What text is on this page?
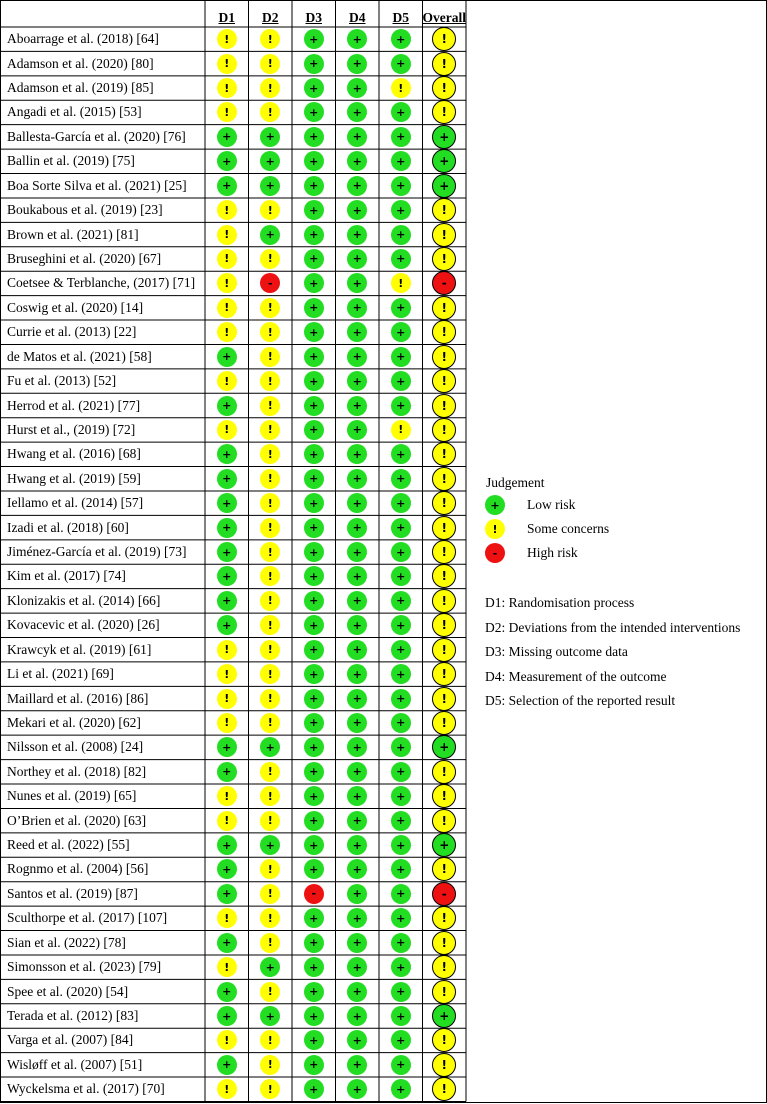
D1	D2	D3	D4	D5	Overall
Aboarrage et al. (2018) [64]	!	!	+	+	+	!
Adamson et al. (2020) [80]	!	!	+	+	+	!
Adamson et al. (2019) [85]	!	!	+	+	!	!
Angadi et al. (2015) [53]	!	!	+	+	+	!
Ballesta-García et al. (2020) [76]	+	+	+	+	+	+
Ballin et al. (2019) [75]	+	+	+	+	+	+
Boa Sorte Silva et al. (2021) [25]	+	+	+	+	+	+
Boukabous et al. (2019) [23]	!	!	+	+	+	!
Brown et al. (2021) [81]	!	+	+	+	+	!
Bruseghini et al. (2020) [67]	!	!	+	+	+	!
Coetsee & Terblanche, (2017) [71]	!	-	+	+	!	-
Coswig et al. (2020) [14]	!	!	+	+	+	!
Currie et al. (2013) [22]	!	!	+	+	+	!
de Matos et al. (2021) [58]	+	!	+	+	+	!
Fu et al. (2013) [52]	!	!	+	+	+	!
Herrod et al. (2021) [77]	+	!	+	+	+	!
Hurst et al., (2019) [72]	!	!	+	+	!	!
Hwang et al. (2016) [68]	+	!	+	+	+	!
Hwang et al. (2019) [59]	+	!	+	+	+	!
Iellamo et al. (2014) [57]	+	!	+	+	+	!
Izadi et al. (2018) [60]	+	!	+	+	+	!
Jiménez-García et al. (2019) [73]	+	!	+	+	+	!
Kim et al. (2017) [74]	+	!	+	+	+	!
Klonizakis et al. (2014) [66]	+	!	+	+	+	!
Kovacevic et al. (2020) [26]	+	!	+	+	+	!
Krawcyk et al. (2019) [61]	!	!	+	+	+	!
Li et al. (2021) [69]	!	!	+	+	+	!
Maillard et al. (2016) [86]	!	!	+	+	+	!
Mekari et al. (2020) [62]	!	!	+	+	+	!
Nilsson et al. (2008) [24]	+	+	+	+	+	+
Northey et al. (2018) [82]	+	!	+	+	+	!
Nunes et al. (2019) [65]	!	!	+	+	+	!
O’Brien et al. (2020) [63]	!	!	+	+	+	!
Reed et al. (2022) [55]	+	+	+	+	+	+
Rognmo et al. (2004) [56]	+	!	+	+	+	!
Santos et al. (2019) [87]	+	!	-	+	+	-
Sculthorpe et al. (2017) [107]	!	!	+	+	+	!
Sian et al. (2022) [78]	+	!	+	+	+	!
Simonsson et al. (2023) [79]	!	+	+	+	+	!
Spee et al. (2020) [54]	+	!	+	+	+	!
Terada et al. (2012) [83]	+	+	+	+	+	+
Varga et al. (2007) [84]	!	!	+	+	+	!
Wisløff et al. (2007) [51]	+	!	+	+	+	!
Wyckelsma et al. (2017) [70]	!	!	+	+	+	!
Judgement
+	Low risk
!	Some concerns
-	High risk
D1: Randomisation process
D2: Deviations from the intended interventions
D3: Missing outcome data
D4: Measurement of the outcome
D5: Selection of the reported result
